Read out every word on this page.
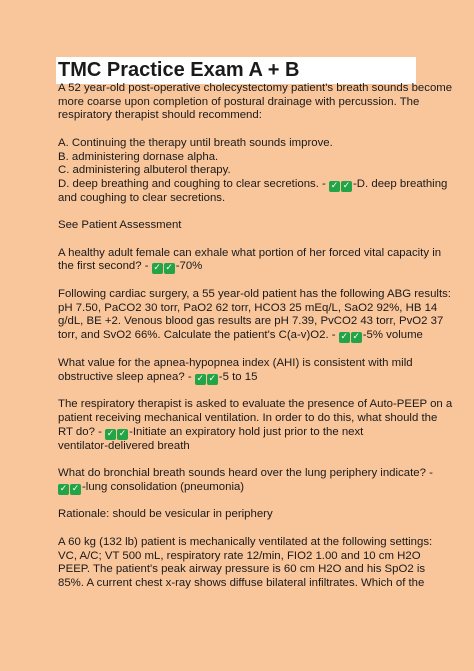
TMC Practice Exam A + B
A 52 year-old post-operative cholecystectomy patient's breath sounds become
more coarse upon completion of postural drainage with percussion. The
respiratory therapist should recommend:
A. Continuing the therapy until breath sounds improve.
B. administering dornase alpha.
C. administering albuterol therapy.
D. deep breathing and coughing to clear secretions. - ✓✓-D. deep breathing
and coughing to clear secretions.
See Patient Assessment
A healthy adult female can exhale what portion of her forced vital capacity in
the first second? - ✓✓-70%
Following cardiac surgery, a 55 year-old patient has the following ABG results:
pH 7.50, PaCO2 30 torr, PaO2 62 torr, HCO3 25 mEq/L, SaO2 92%, HB 14
g/dL, BE +2. Venous blood gas results are pH 7.39, PvCO2 43 torr, PvO2 37
torr, and SvO2 66%. Calculate the patient's C(a-v)O2. - ✓✓-5% volume
What value for the apnea-hypopnea index (AHI) is consistent with mild
obstructive sleep apnea? - ✓✓-5 to 15
The respiratory therapist is asked to evaluate the presence of Auto-PEEP on a
patient receiving mechanical ventilation. In order to do this, what should the
RT do? - ✓✓-Initiate an expiratory hold just prior to the next
ventilator-delivered breath
What do bronchial breath sounds heard over the lung periphery indicate? -
✓✓-lung consolidation (pneumonia)
Rationale: should be vesicular in periphery
A 60 kg (132 lb) patient is mechanically ventilated at the following settings:
VC, A/C; VT 500 mL, respiratory rate 12/min, FIO2 1.00 and 10 cm H2O
PEEP. The patient's peak airway pressure is 60 cm H2O and his SpO2 is
85%. A current chest x-ray shows diffuse bilateral infiltrates. Which of the
